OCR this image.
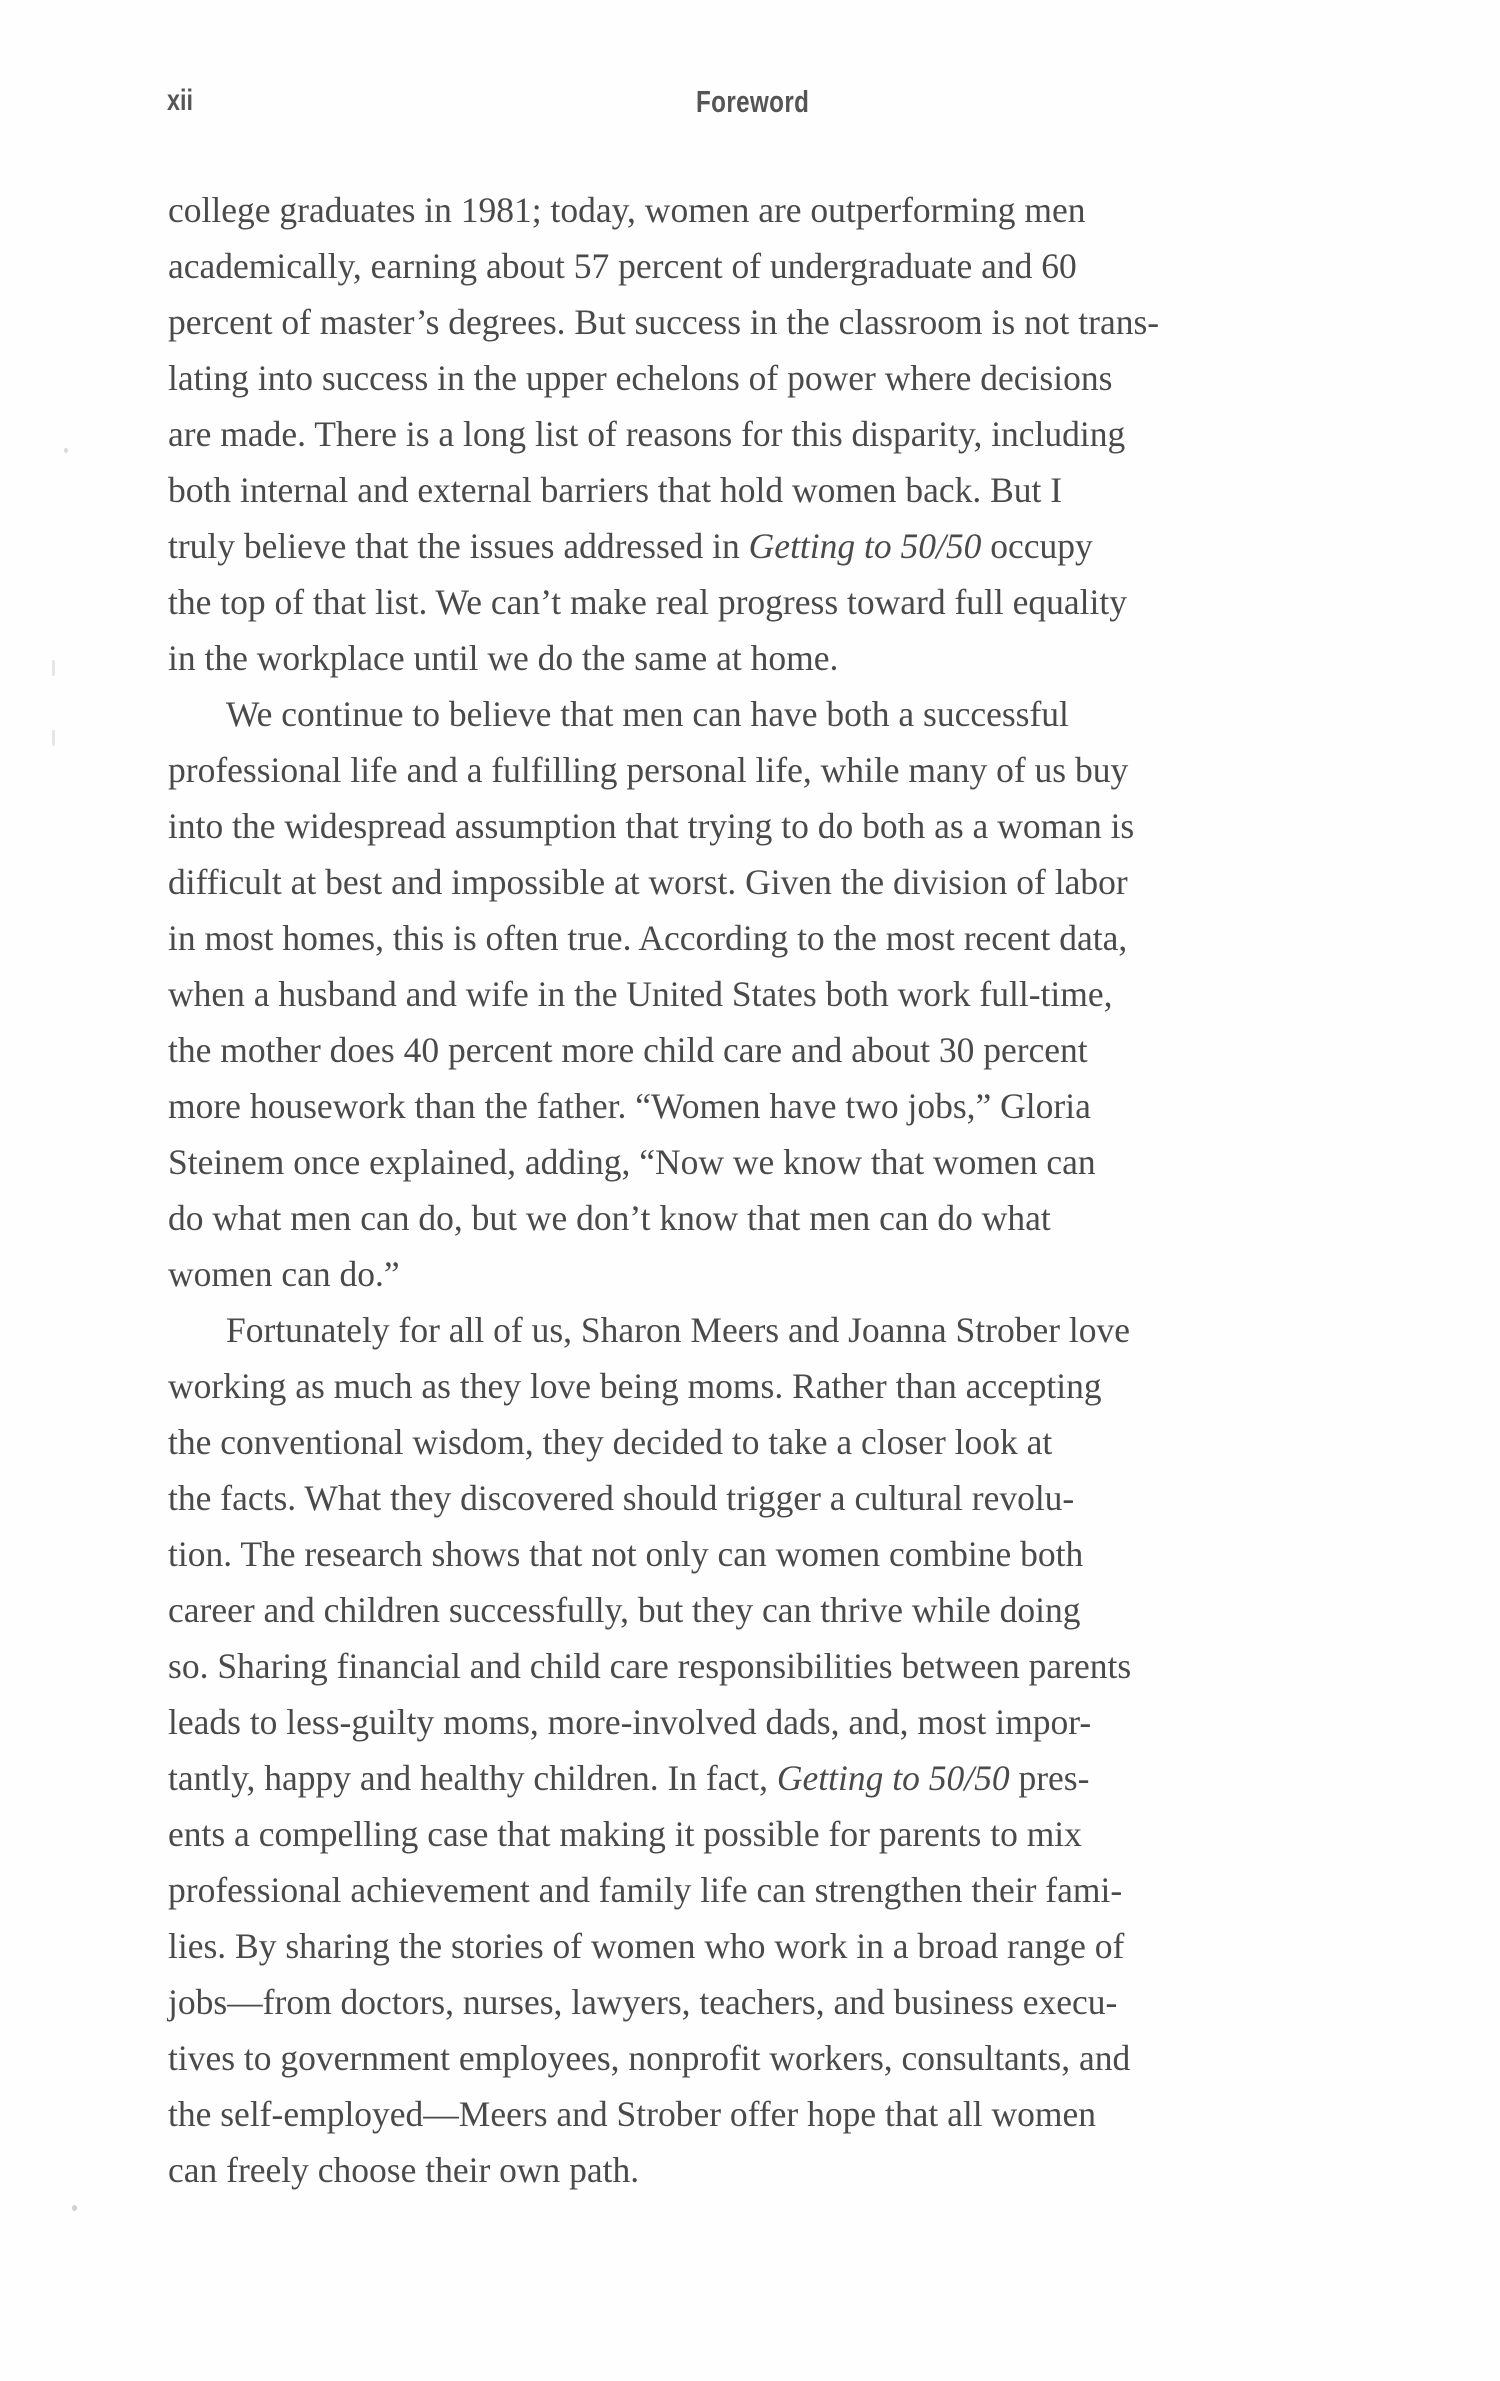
xii	Foreword
college graduates in 1981; today, women are outperforming men
academically, earning about 57 percent of undergraduate and 60
percent of master’s degrees. But success in the classroom is not trans-
lating into success in the upper echelons of power where decisions
are made. There is a long list of reasons for this disparity, including
both internal and external barriers that hold women back. But I
truly believe that the issues addressed in Getting to 50/50 occupy
the top of that list. We can’t make real progress toward full equality
in the workplace until we do the same at home.
We continue to believe that men can have both a successful
professional life and a fulfilling personal life, while many of us buy
into the widespread assumption that trying to do both as a woman is
difficult at best and impossible at worst. Given the division of labor
in most homes, this is often true. According to the most recent data,
when a husband and wife in the United States both work full-time,
the mother does 40 percent more child care and about 30 percent
more housework than the father. “Women have two jobs,” Gloria
Steinem once explained, adding, “Now we know that women can
do what men can do, but we don’t know that men can do what
women can do.”
Fortunately for all of us, Sharon Meers and Joanna Strober love
working as much as they love being moms. Rather than accepting
the conventional wisdom, they decided to take a closer look at
the facts. What they discovered should trigger a cultural revolu-
tion. The research shows that not only can women combine both
career and children successfully, but they can thrive while doing
so. Sharing financial and child care responsibilities between parents
leads to less-guilty moms, more-involved dads, and, most impor-
tantly, happy and healthy children. In fact, Getting to 50/50 pres-
ents a compelling case that making it possible for parents to mix
professional achievement and family life can strengthen their fami-
lies. By sharing the stories of women who work in a broad range of
jobs—from doctors, nurses, lawyers, teachers, and business execu-
tives to government employees, nonprofit workers, consultants, and
the self-employed—Meers and Strober offer hope that all women
can freely choose their own path.
